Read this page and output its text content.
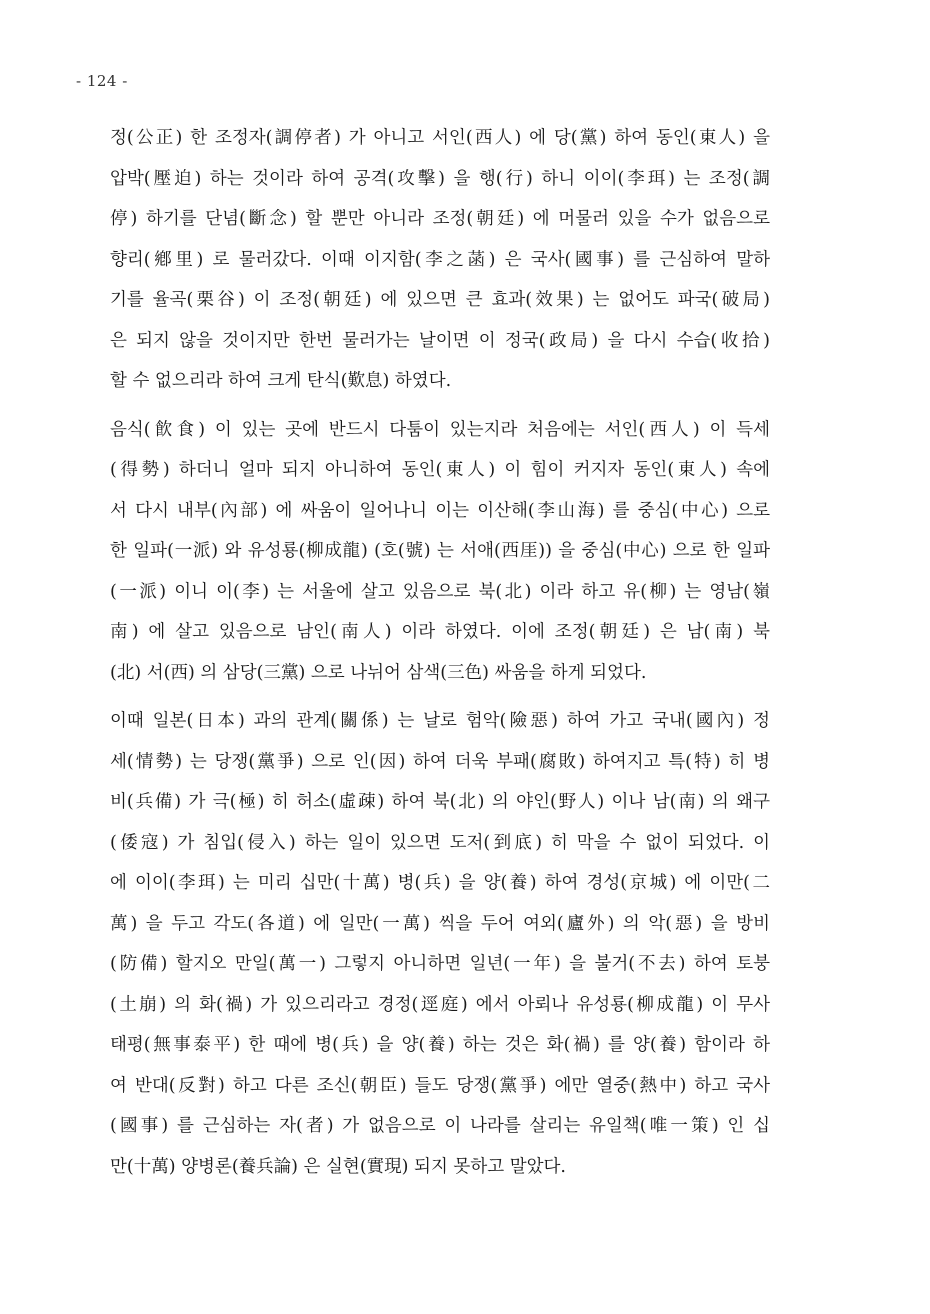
- 124 -

정(公正) 한 조정자(調停者) 가 아니고 서인(西人) 에 당(黨) 하여 동인(東人) 을
압박(壓迫) 하는 것이라 하여 공격(攻擊) 을 행(行) 하니 이이(李珥) 는 조정(調
停) 하기를 단념(斷念) 할 뿐만 아니라 조정(朝廷) 에 머물러 있을 수가 없음으로
향리(鄕里) 로 물러갔다. 이때 이지함(李之菡) 은 국사(國事) 를 근심하여 말하
기를 율곡(栗谷) 이 조정(朝廷) 에 있으면 큰 효과(效果) 는 없어도 파국(破局)
은 되지 않을 것이지만 한번 물러가는 날이면 이 정국(政局) 을 다시 수습(收拾)
할 수 없으리라 하여 크게 탄식(歎息) 하였다.

음식(飮食) 이 있는 곳에 반드시 다툼이 있는지라 처음에는 서인(西人) 이 득세
(得勢) 하더니 얼마 되지 아니하여 동인(東人) 이 힘이 커지자 동인(東人) 속에
서 다시 내부(內部) 에 싸움이 일어나니 이는 이산해(李山海) 를 중심(中心) 으로
한 일파(一派) 와 유성룡(柳成龍) (호(號) 는 서애(西厓)) 을 중심(中心) 으로 한 일파
(一派) 이니 이(李) 는 서울에 살고 있음으로 북(北) 이라 하고 유(柳) 는 영남(嶺
南) 에 살고 있음으로 남인(南人) 이라 하였다. 이에 조정(朝廷) 은 남(南) 북
(北) 서(西) 의 삼당(三黨) 으로 나뉘어 삼색(三色) 싸움을 하게 되었다.

이때 일본(日本) 과의 관계(關係) 는 날로 험악(險惡) 하여 가고 국내(國內) 정
세(情勢) 는 당쟁(黨爭) 으로 인(因) 하여 더욱 부패(腐敗) 하여지고 특(特) 히 병
비(兵備) 가 극(極) 히 허소(虛疎) 하여 북(北) 의 야인(野人) 이나 남(南) 의 왜구
(倭寇) 가 침입(侵入) 하는 일이 있으면 도저(到底) 히 막을 수 없이 되었다. 이
에 이이(李珥) 는 미리 십만(十萬) 병(兵) 을 양(養) 하여 경성(京城) 에 이만(二
萬) 을 두고 각도(各道) 에 일만(一萬) 씩을 두어 여외(廬外) 의 악(惡) 을 방비
(防備) 할지오 만일(萬一) 그렇지 아니하면 일년(一年) 을 불거(不去) 하여 토붕
(土崩) 의 화(禍) 가 있으리라고 경정(逕庭) 에서 아뢰나 유성룡(柳成龍) 이 무사
태평(無事泰平) 한 때에 병(兵) 을 양(養) 하는 것은 화(禍) 를 양(養) 함이라 하
여 반대(反對) 하고 다른 조신(朝臣) 들도 당쟁(黨爭) 에만 열중(熱中) 하고 국사
(國事) 를 근심하는 자(者) 가 없음으로 이 나라를 살리는 유일책(唯一策) 인 십
만(十萬) 양병론(養兵論) 은 실현(實現) 되지 못하고 말았다.
